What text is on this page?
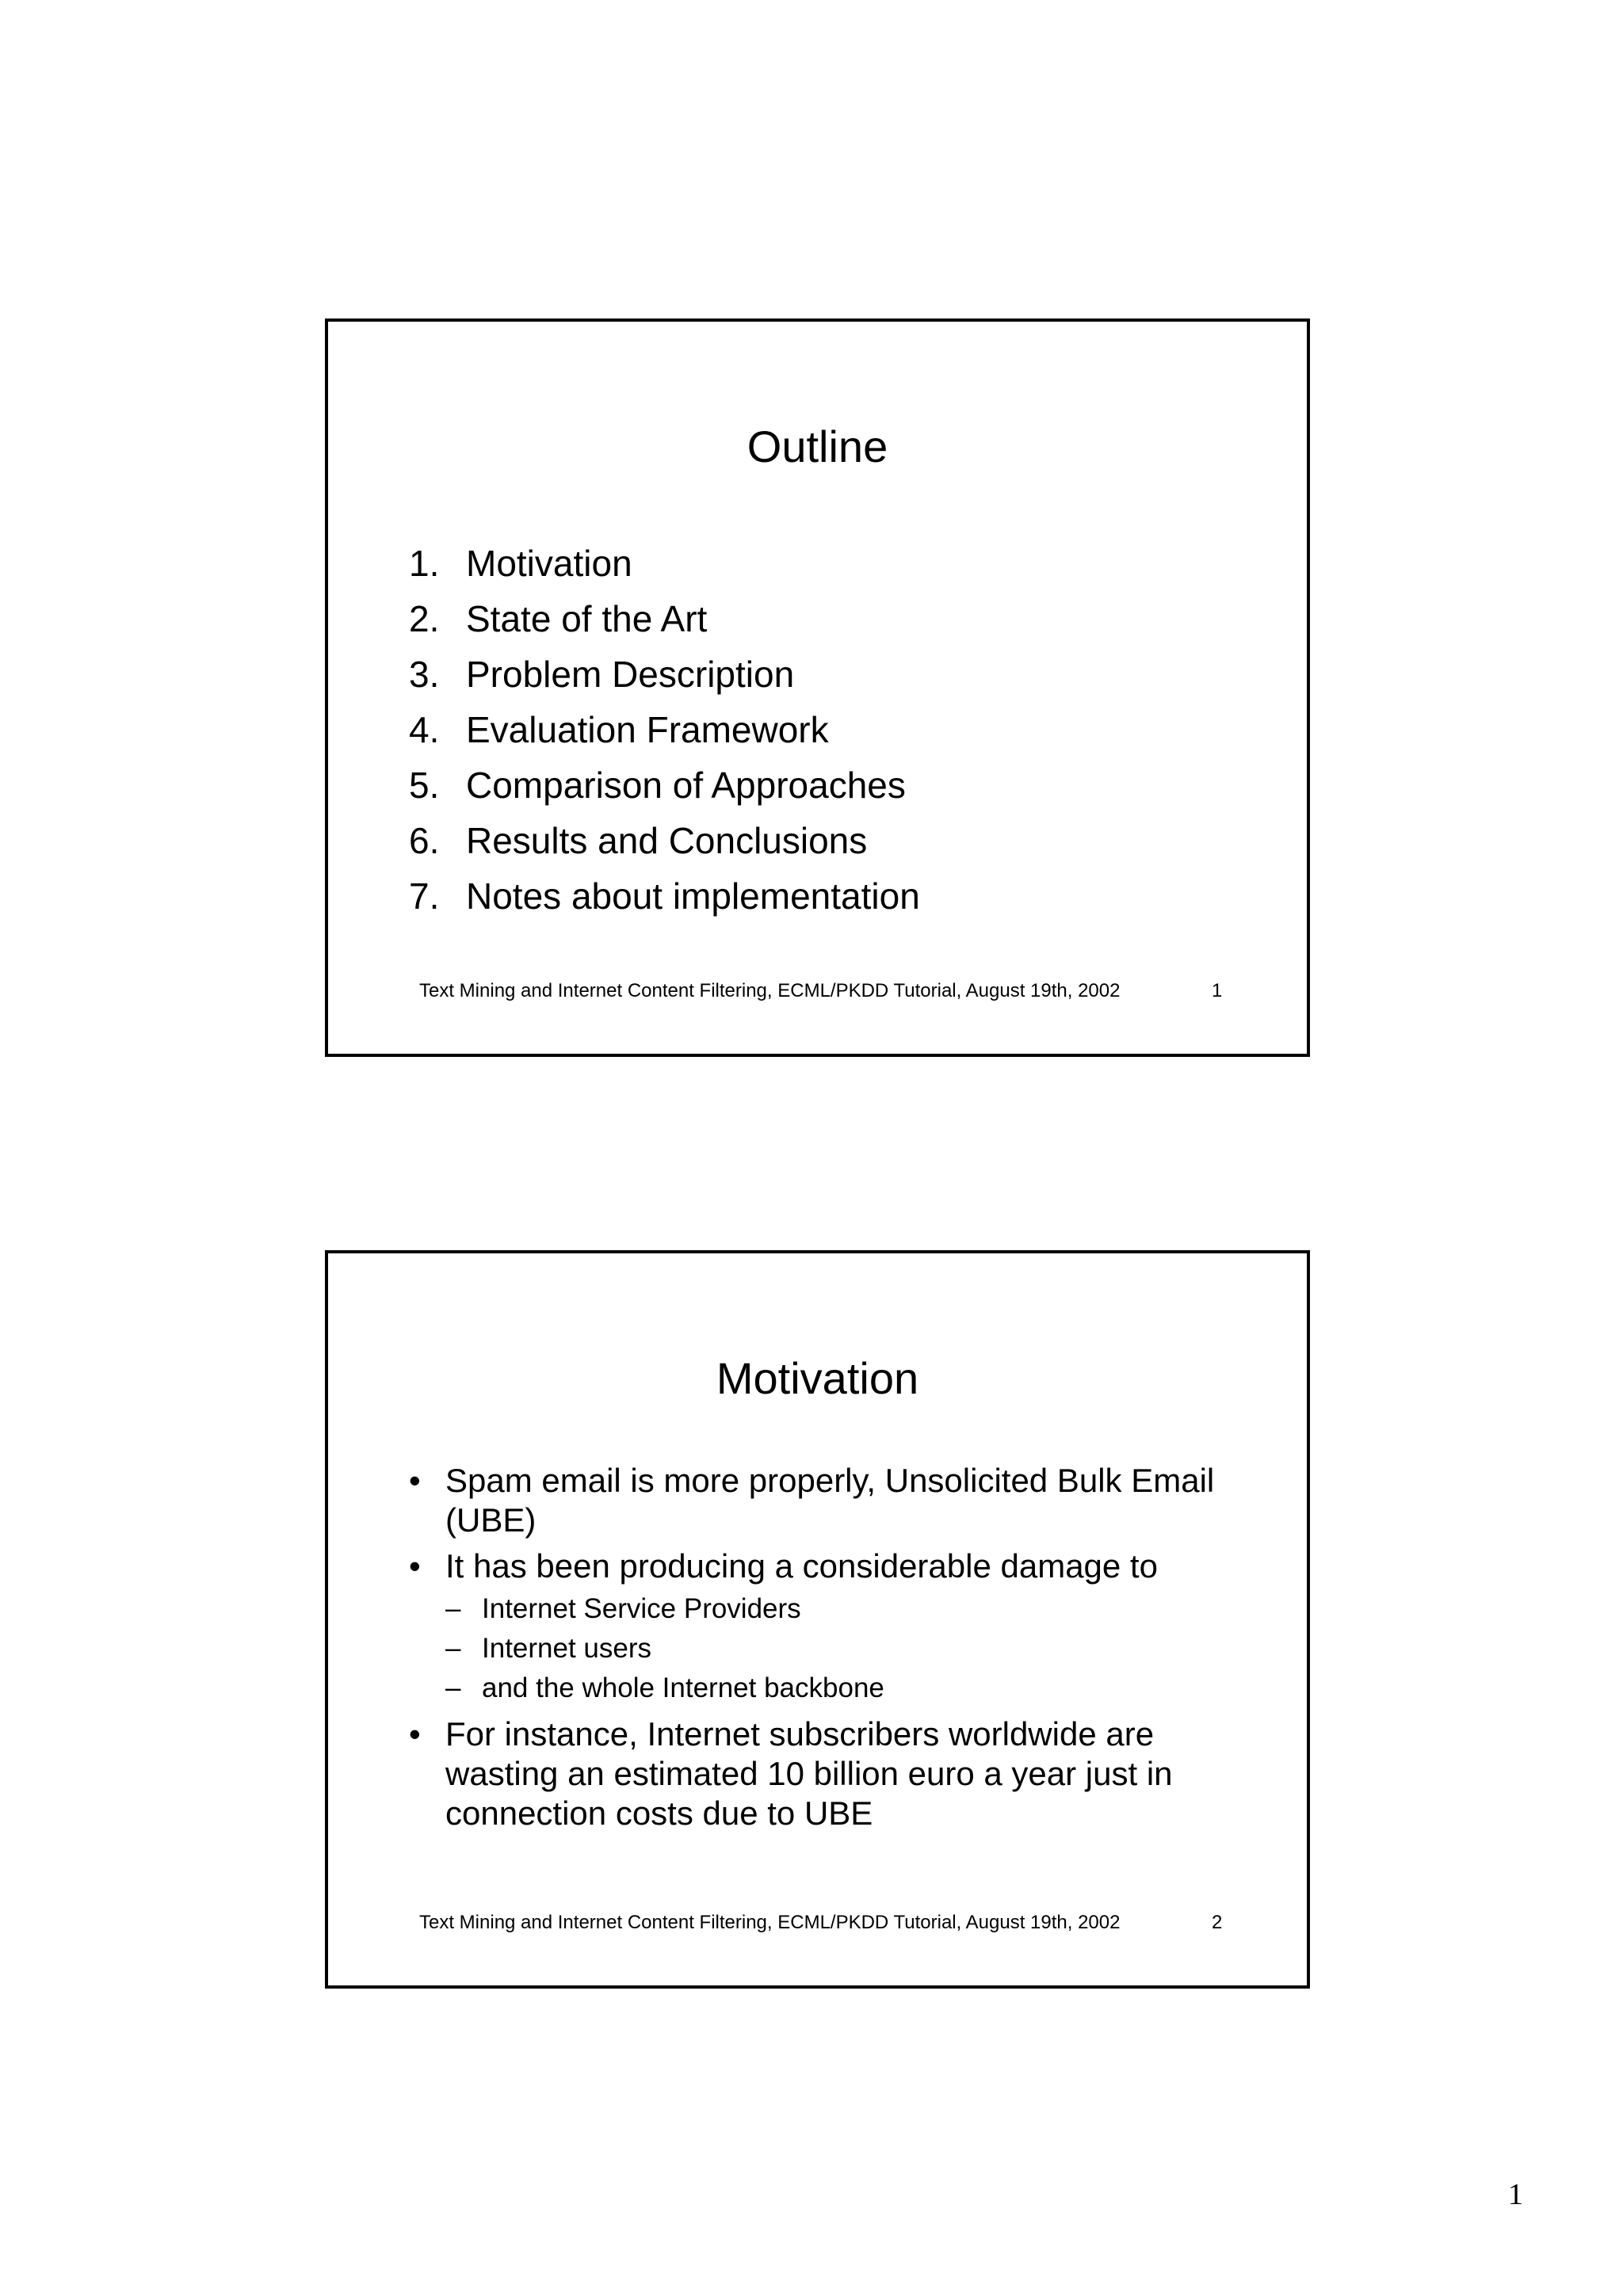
Outline
1. Motivation
2. State of the Art
3. Problem Description
4. Evaluation Framework
5. Comparison of Approaches
6. Results and Conclusions
7. Notes about implementation
Text Mining and Internet Content Filtering, ECML/PKDD Tutorial, August 19th, 2002	1
Motivation
• Spam email is more properly, Unsolicited Bulk Email (UBE)
• It has been producing a considerable damage to
– Internet Service Providers
– Internet users
– and the whole Internet backbone
• For instance, Internet subscribers worldwide are wasting an estimated 10 billion euro a year just in connection costs due to UBE
Text Mining and Internet Content Filtering, ECML/PKDD Tutorial, August 19th, 2002	2
1
